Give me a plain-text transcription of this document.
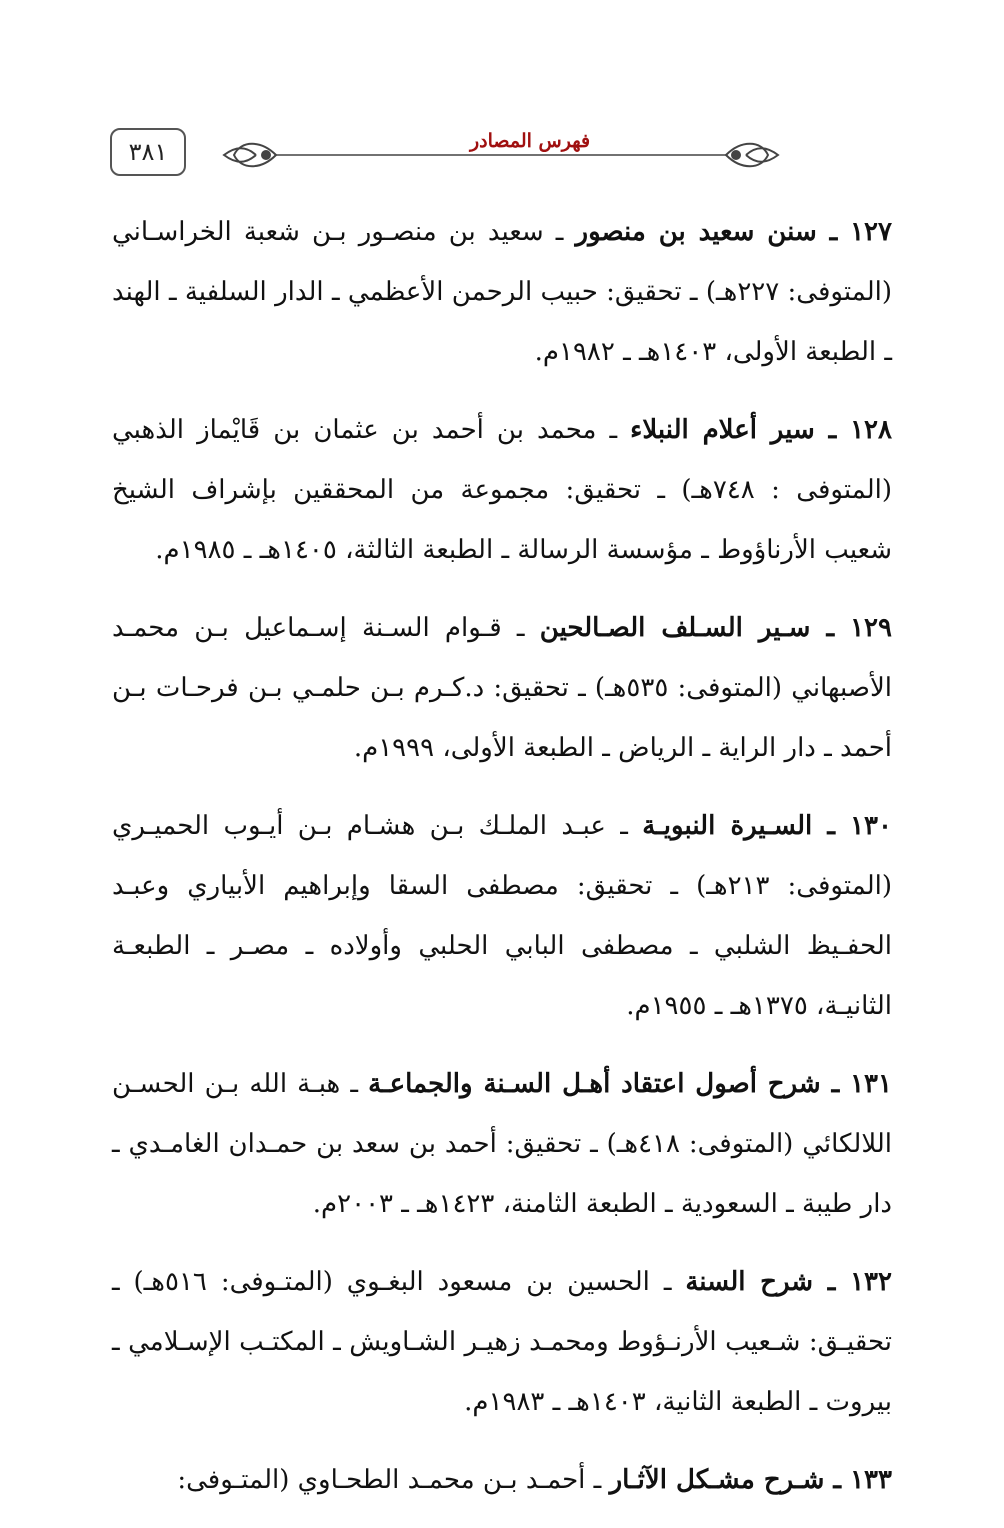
٣٨١	فهرس المصادر

١٢٧ ـ سنن سعيد بن منصور ـ سعيد بن منصـور بـن شعبة الخراسـاني (المتوفى: ٢٢٧هـ) ـ تحقيق: حبيب الرحمن الأعظمي ـ الدار السلفية ـ الهند ـ الطبعة الأولى، ١٤٠٣هـ ـ ١٩٨٢م.

١٢٨ ـ سير أعلام النبلاء ـ محمد بن أحمد بن عثمان بن قَايْماز الذهبي (المتوفى : ٧٤٨هـ) ـ تحقيق: مجموعة من المحققين بإشراف الشيخ شعيب الأرناؤوط ـ مؤسسة الرسالة ـ الطبعة الثالثة، ١٤٠٥هـ ـ ١٩٨٥م.

١٢٩ ـ سـير السـلف الصـالحين ـ قـوام السـنة إسـماعيل بـن محمـد الأصبهاني (المتوفى: ٥٣٥هـ) ـ تحقيق: د.كـرم بـن حلمـي بـن فرحـات بـن أحمد ـ دار الراية ـ الرياض ـ الطبعة الأولى، ١٩٩٩م.

١٣٠ ـ السـيرة النبويـة ـ عبـد الملـك بـن هشـام بـن أيـوب الحميـري (المتوفى: ٢١٣هـ) ـ تحقيق: مصطفى السقا وإبراهيم الأبياري وعبـد الحفـيظ الشلبي ـ مصطفى البابي الحلبي وأولاده ـ مصـر ـ الطبعـة الثانيـة، ١٣٧٥هـ ـ ١٩٥٥م.

١٣١ ـ شرح أصول اعتقاد أهـل السـنة والجماعـة ـ هبـة الله بـن الحسـن اللالكائي (المتوفى: ٤١٨هـ) ـ تحقيق: أحمد بن سعد بن حمـدان الغامـدي ـ دار طيبة ـ السعودية ـ الطبعة الثامنة، ١٤٢٣هـ ـ ٢٠٠٣م.

١٣٢ ـ شرح السنة ـ الحسين بن مسعود البغـوي (المتـوفى: ٥١٦هـ) ـ تحقيـق: شـعيب الأرنـؤوط ومحمـد زهيـر الشـاويش ـ المكتـب الإسـلامي ـ بيروت ـ الطبعة الثانية، ١٤٠٣هـ ـ ١٩٨٣م.

١٣٣ ـ شـرح مشـكل الآثـار ـ أحمـد بـن محمـد الطحـاوي (المتـوفى:
